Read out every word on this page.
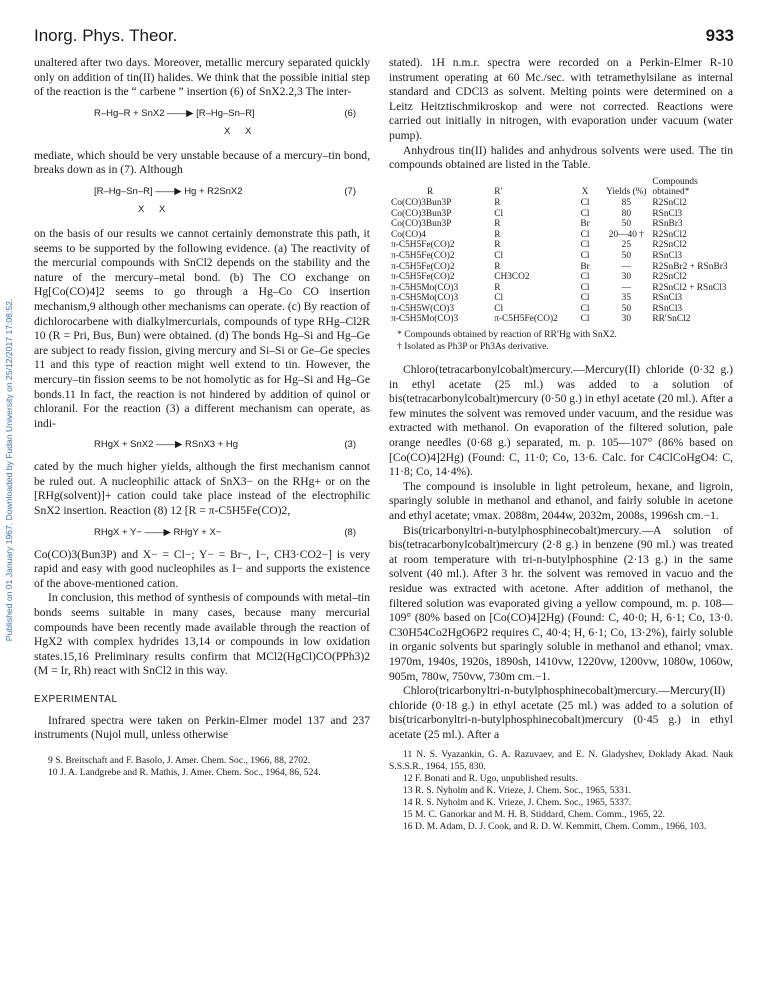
Published on 01 January 1967. Downloaded by Fudan University on 25/12/2017 17:08:52.
Inorg. Phys. Theor.	933

unaltered after two days. Moreover, metallic mercury separated quickly only on addition of tin(II) halides. We think that the possible initial step of the reaction is the “ carbene ” insertion (6) of SnX2.2,3 The inter-

R–Hg–R + SnX2 ——▶ [R–Hg–Sn–R]	(6)
X X

mediate, which should be very unstable because of a mercury–tin bond, breaks down as in (7). Although

[R–Hg–Sn–R] ——▶ Hg + R2SnX2	(7)
X X

on the basis of our results we cannot certainly demonstrate this path, it seems to be supported by the following evidence. (a) The reactivity of the mercurial compounds with SnCl2 depends on the stability and the nature of the mercury–metal bond. (b) The CO exchange on Hg[Co(CO)4]2 seems to go through a Hg–Co CO insertion mechanism,9 although other mechanisms can operate. (c) By reaction of dichlorocarbene with dialkylmercurials, compounds of type RHg–Cl2R 10 (R = Pri, Bus, Bun) were obtained. (d) The bonds Hg–Si and Hg–Ge are subject to ready fission, giving mercury and Si–Si or Ge–Ge species 11 and this type of reaction might well extend to tin. However, the mercury–tin fission seems to be not homolytic as for Hg–Si and Hg–Ge bonds.11 In fact, the reaction is not hindered by addition of quinol or chloranil. For the reaction (3) a different mechanism can operate, as indi-

RHgX + SnX2 ——▶ RSnX3 + Hg	(3)

cated by the much higher yields, although the first mechanism cannot be ruled out. A nucleophilic attack of SnX3− on the RHg+ or on the [RHg(solvent)]+ cation could take place instead of the electrophilic SnX2 insertion. Reaction (8) 12 [R = π-C5H5Fe(CO)2,

RHgX + Y− ——▶ RHgY + X−	(8)

Co(CO)3(Bun3P) and X− = Cl−; Y− = Br−, I−, CH3·CO2−] is very rapid and easy with good nucleophiles as I− and supports the existence of the above-mentioned cation.

In conclusion, this method of synthesis of compounds with metal–tin bonds seems suitable in many cases, because many mercurial compounds have been recently made available through the reaction of HgX2 with complex hydrides 13,14 or compounds in low oxidation states.15,16 Preliminary results confirm that MCl2(HgCl)CO(PPh3)2 (M = Ir, Rh) react with SnCl2 in this way.

EXPERIMENTAL

Infrared spectra were taken on Perkin-Elmer model 137 and 237 instruments (Nujol mull, unless otherwise

9 S. Breitschaft and F. Basolo, J. Amer. Chem. Soc., 1966, 88, 2702.

10 J. A. Landgrebe and R. Mathis, J. Amer. Chem. Soc., 1964, 86, 524.

stated). 1H n.m.r. spectra were recorded on a Perkin-Elmer R-10 instrument operating at 60 Mc./sec. with tetramethylsilane as internal standard and CDCl3 as solvent. Melting points were determined on a Leitz Heitztischmikroskop and were not corrected. Reactions were carried out initially in nitrogen, with evaporation under vacuum (water pump).

Anhydrous tin(II) halides and anhydrous solvents were used. The tin compounds obtained are listed in the Table.

R	R′	X	Yields (%)	Compounds obtained*
Co(CO)3Bun3P	R	Cl	85	R2SnCl2
Co(CO)3Bun3P	Cl	Cl	80	RSnCl3
Co(CO)3Bun3P	R	Br	50	RSnBr3
Co(CO)4	R	Cl	20—40 †	R2SnCl2
π-C5H5Fe(CO)2	R	Cl	25	R2SnCl2
π-C5H5Fe(CO)2	Cl	Cl	50	RSnCl3
π-C5H5Fe(CO)2	R	Br	—	R2SnBr2 + RSnBr3
π-C5H5Fe(CO)2	CH3CO2	Cl	30	R2SnCl2
π-C5H5Mo(CO)3	R	Cl	—	R2SnCl2 + RSnCl3
π-C5H5Mo(CO)3	Cl	Cl	35	RSnCl3
π-C5H5W(CO)3	Cl	Cl	50	RSnCl3
π-C5H5Mo(CO)3	π-C5H5Fe(CO)2	Cl	30	RR′SnCl2
* Compounds obtained by reaction of RR′Hg with SnX2.
† Isolated as Ph3P or Ph3As derivative.

Chloro(tetracarbonylcobalt)mercury.—Mercury(II) chloride (0·32 g.) in ethyl acetate (25 ml.) was added to a solution of bis(tetracarbonylcobalt)mercury (0·50 g.) in ethyl acetate (20 ml.). After a few minutes the solvent was removed under vacuum, and the residue was extracted with methanol. On evaporation of the filtered solution, pale orange needles (0·68 g.) separated, m. p. 105—107° (86% based on [Co(CO)4]2Hg) (Found: C, 11·0; Co, 13·6. Calc. for C4ClCoHgO4: C, 11·8; Co, 14·4%).

The compound is insoluble in light petroleum, hexane, and ligroin, sparingly soluble in methanol and ethanol, and fairly soluble in acetone and ethyl acetate; νmax. 2088m, 2044w, 2032m, 2008s, 1996sh cm.−1.

Bis(tricarbonyltri-n-butylphosphinecobalt)mercury.—A solution of bis(tetracarbonylcobalt)mercury (2·8 g.) in benzene (90 ml.) was treated at room temperature with tri-n-butylphosphine (2·13 g.) in the same solvent (40 ml.). After 3 hr. the solvent was removed in vacuo and the residue was extracted with acetone. After addition of methanol, the filtered solution was evaporated giving a yellow compound, m. p. 108—109° (80% based on [Co(CO)4]2Hg) (Found: C, 40·0; H, 6·1; Co, 13·0. C30H54Co2HgO6P2 requires C, 40·4; H, 6·1; Co, 13·2%), fairly soluble in organic solvents but sparingly soluble in methanol and ethanol; νmax. 1970m, 1940s, 1920s, 1890sh, 1410vw, 1220vw, 1200vw, 1080w, 1060w, 905m, 780w, 750vw, 730m cm.−1.

Chloro(tricarbonyltri-n-butylphosphinecobalt)mercury.—Mercury(II) chloride (0·18 g.) in ethyl acetate (25 ml.) was added to a solution of bis(tricarbonyltri-n-butylphosphinecobalt)mercury (0·45 g.) in ethyl acetate (25 ml.). After a

11 N. S. Vyazankin, G. A. Razuvaev, and E. N. Gladyshev, Doklady Akad. Nauk S.S.S.R., 1964, 155, 830.

12 F. Bonati and R. Ugo, unpublished results.

13 R. S. Nyholm and K. Vrieze, J. Chem. Soc., 1965, 5331.

14 R. S. Nyholm and K. Vrieze, J. Chem. Soc., 1965, 5337.

15 M. C. Ganorkar and M. H. B. Stiddard, Chem. Comm., 1965, 22.

16 D. M. Adam, D. J. Cook, and R. D. W. Kemmitt, Chem. Comm., 1966, 103.
